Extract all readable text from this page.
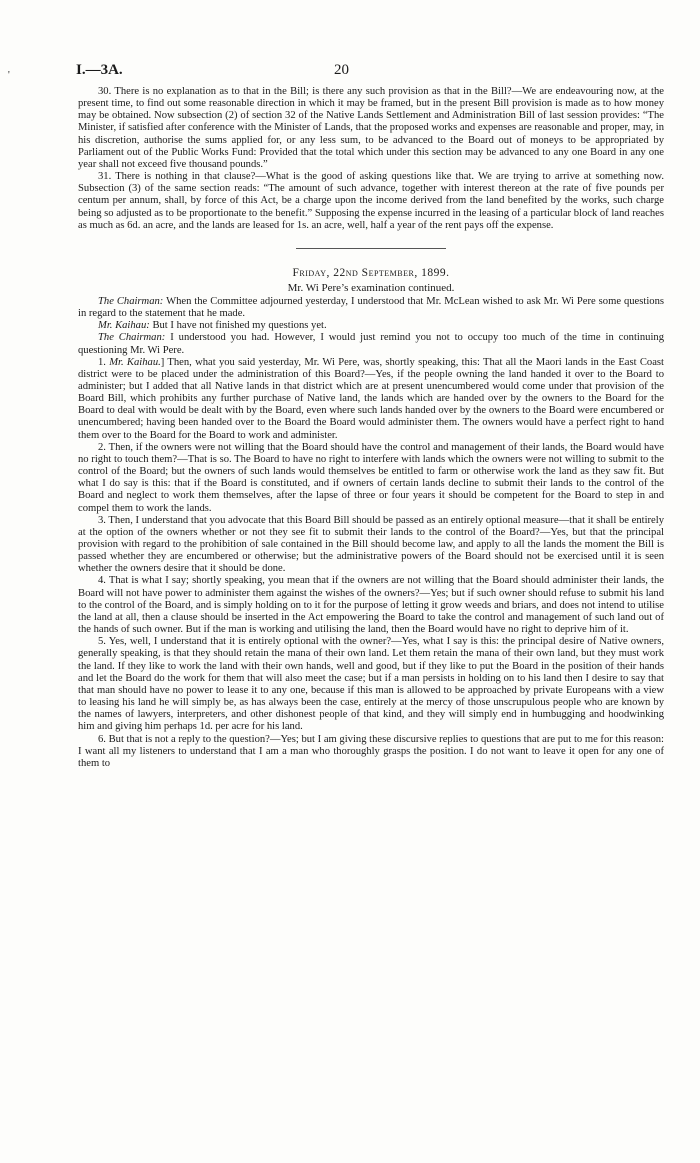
'	I.—3A.	20

30. There is no explanation as to that in the Bill; is there any such provision as that in the Bill?—We are endeavouring now, at the present time, to find out some reasonable direction in which it may be framed, but in the present Bill provision is made as to how money may be obtained. Now subsection (2) of section 32 of the Native Lands Settlement and Administration Bill of last session provides: “The Minister, if satisfied after conference with the Minister of Lands, that the proposed works and expenses are reasonable and proper, may, in his discretion, authorise the sums applied for, or any less sum, to be advanced to the Board out of moneys to be appropriated by Parliament out of the Public Works Fund: Provided that the total which under this section may be advanced to any one Board in any one year shall not exceed five thousand pounds.”

31. There is nothing in that clause?—What is the good of asking questions like that. We are trying to arrive at something now. Subsection (3) of the same section reads: “The amount of such advance, together with interest thereon at the rate of five pounds per centum per annum, shall, by force of this Act, be a charge upon the income derived from the land benefited by the works, such charge being so adjusted as to be proportionate to the benefit.” Supposing the expense incurred in the leasing of a particular block of land reaches as much as 6d. an acre, and the lands are leased for 1s. an acre, well, half a year of the rent pays off the expense.

Friday, 22nd September, 1899.
Mr. Wi Pere’s examination continued.

The Chairman: When the Committee adjourned yesterday, I understood that Mr. McLean wished to ask Mr. Wi Pere some questions in regard to the statement that he made.

Mr. Kaihau: But I have not finished my questions yet.

The Chairman: I understood you had. However, I would just remind you not to occupy too much of the time in continuing questioning Mr. Wi Pere.

1. Mr. Kaihau.] Then, what you said yesterday, Mr. Wi Pere, was, shortly speaking, this: That all the Maori lands in the East Coast district were to be placed under the administration of this Board?—Yes, if the people owning the land handed it over to the Board to administer; but I added that all Native lands in that district which are at present unencumbered would come under that provision of the Board Bill, which prohibits any further purchase of Native land, the lands which are handed over by the owners to the Board for the Board to deal with would be dealt with by the Board, even where such lands handed over by the owners to the Board were encumbered or unencumbered; having been handed over to the Board the Board would administer them. The owners would have a perfect right to hand them over to the Board for the Board to work and administer.

2. Then, if the owners were not willing that the Board should have the control and management of their lands, the Board would have no right to touch them?—That is so. The Board to have no right to interfere with lands which the owners were not willing to submit to the control of the Board; but the owners of such lands would themselves be entitled to farm or otherwise work the land as they saw fit. But what I do say is this: that if the Board is constituted, and if owners of certain lands decline to submit their lands to the control of the Board and neglect to work them themselves, after the lapse of three or four years it should be competent for the Board to step in and compel them to work the lands.

3. Then, I understand that you advocate that this Board Bill should be passed as an entirely optional measure—that it shall be entirely at the option of the owners whether or not they see fit to submit their lands to the control of the Board?—Yes, but that the principal provision with regard to the prohibition of sale contained in the Bill should become law, and apply to all the lands the moment the Bill is passed whether they are encumbered or otherwise; but the administrative powers of the Board should not be exercised until it is seen whether the owners desire that it should be done.

4. That is what I say; shortly speaking, you mean that if the owners are not willing that the Board should administer their lands, the Board will not have power to administer them against the wishes of the owners?—Yes; but if such owner should refuse to submit his land to the control of the Board, and is simply holding on to it for the purpose of letting it grow weeds and briars, and does not intend to utilise the land at all, then a clause should be inserted in the Act empowering the Board to take the control and management of such land out of the hands of such owner. But if the man is working and utilising the land, then the Board would have no right to deprive him of it.

5. Yes, well, I understand that it is entirely optional with the owner?—Yes, what I say is this: the principal desire of Native owners, generally speaking, is that they should retain the mana of their own land. Let them retain the mana of their own land, but they must work the land. If they like to work the land with their own hands, well and good, but if they like to put the Board in the position of their hands and let the Board do the work for them that will also meet the case; but if a man persists in holding on to his land then I desire to say that that man should have no power to lease it to any one, because if this man is allowed to be approached by private Europeans with a view to leasing his land he will simply be, as has always been the case, entirely at the mercy of those unscrupulous people who are known by the names of lawyers, interpreters, and other dishonest people of that kind, and they will simply end in humbugging and hoodwinking him and giving him perhaps 1d. per acre for his land.

6. But that is not a reply to the question?—Yes; but I am giving these discursive replies to questions that are put to me for this reason: I want all my listeners to understand that I am a man who thoroughly grasps the position. I do not want to leave it open for any one of them to
